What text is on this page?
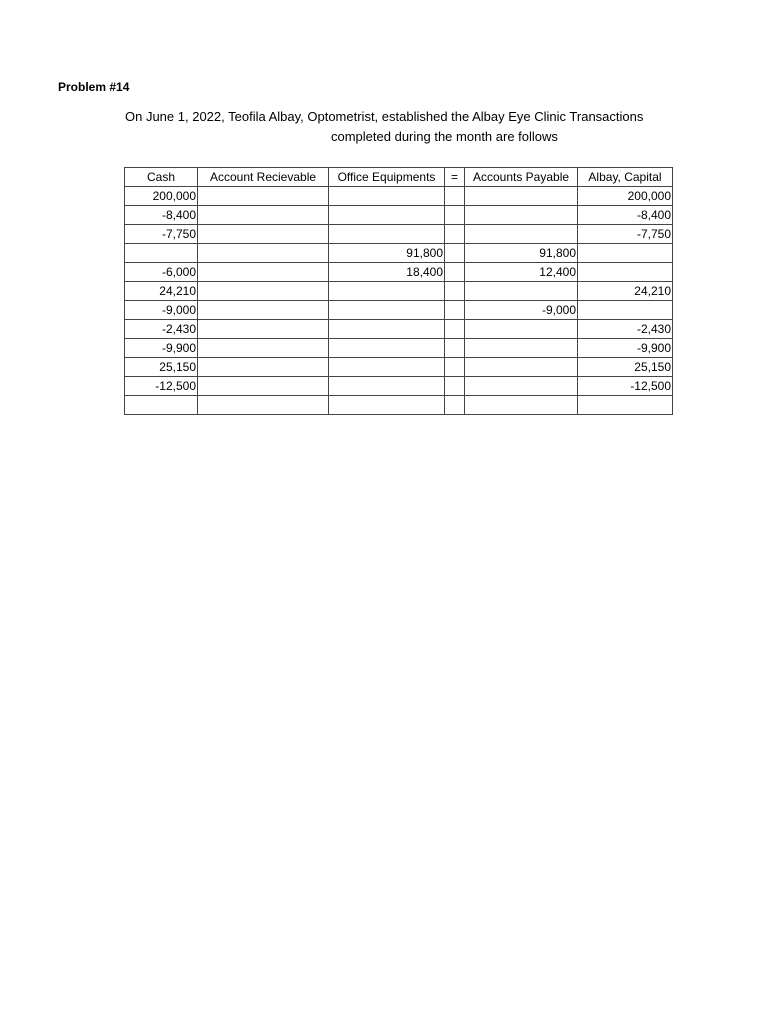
Problem #14
On June 1, 2022, Teofila Albay, Optometrist, established the Albay Eye Clinic Transactions
completed during the month are follows
Cash	Account Recievable	Office Equipments	=	Accounts Payable	Albay, Capital
200,000					200,000
-8,400					-8,400
-7,750					-7,750
		91,800		91,800	
-6,000		18,400		12,400	
24,210					24,210
-9,000				-9,000	
-2,430					-2,430
-9,900					-9,900
25,150					25,150
-12,500					-12,500
